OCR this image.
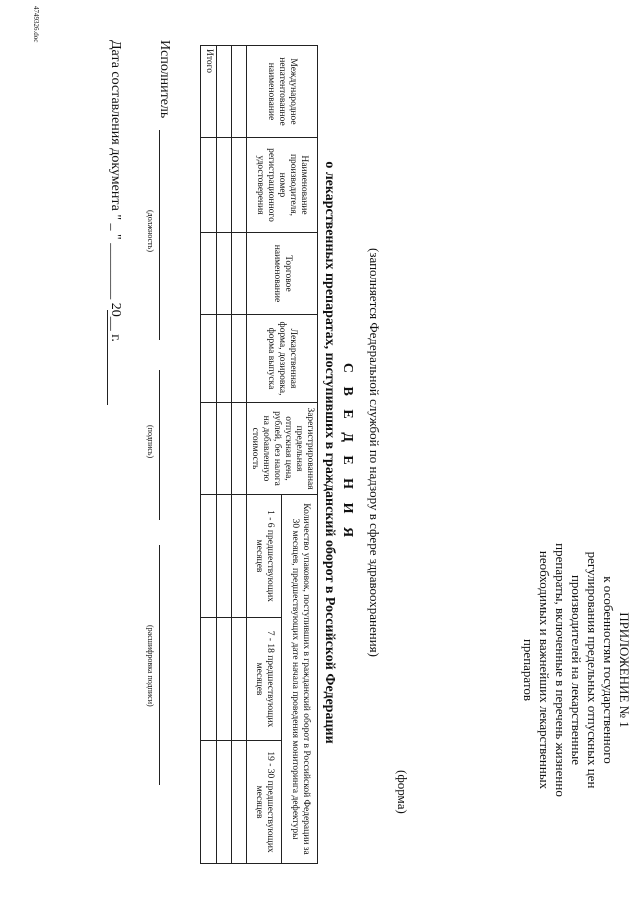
ПРИЛОЖЕНИЕ № 1
к особенностям государственного
регулирования предельных отпускных цен
производителей на лекарственные
препараты, включенные в перечень жизненно
необходимых и важнейших лекарственных
препаратов
(форма)
(заполняется Федеральной службой по надзору в сфере здравоохранения)
С В Е Д Е Н И Я
о лекарственных препаратах, поступивших в гражданский оборот в Российской Федерации
Международное непатентованное наименование	Наименование производителя, номер регистрационного удостоверения	Торговое наименование	Лекарственная форма, дозировка, форма выпуска	Зарегистрированная предельная отпускная цена, рублей, без налога на добавленную стоимость	Количество упаковок, поступивших в гражданский оборот в Российской Федерации за 30 месяцев, предшествующих дате начала проведения мониторинга дефектуры		
					1 - 6 предшествующих месяцев	7 - 18 предшествующих месяцев	19 - 30 предшествующих месяцев

Итого							
Исполнитель
(должность)
(подпись)
(расшифровка подписи)
Дата составления документа " _ " ________ 20__ г.
4749326.doc
